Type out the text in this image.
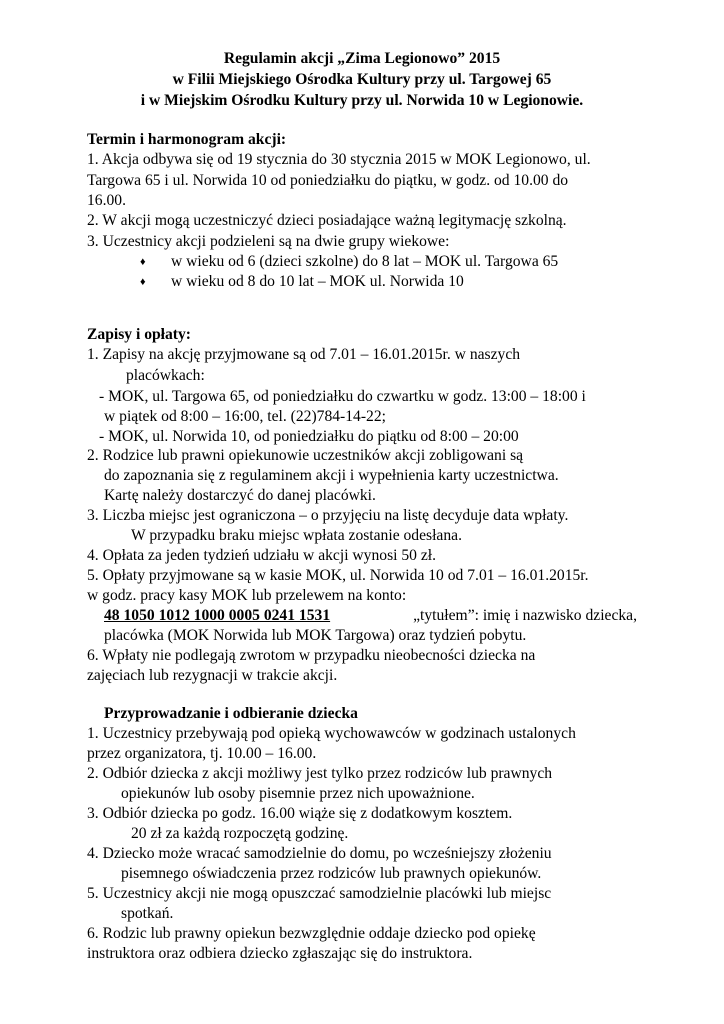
Regulamin akcji „Zima Legionowo” 2015
w Filii Miejskiego Ośrodka Kultury przy ul. Targowej 65
i w Miejskim Ośrodku Kultury przy ul. Norwida 10 w Legionowie.
Termin i harmonogram akcji:
1. Akcja odbywa się od 19 stycznia do 30 stycznia 2015 w MOK Legionowo, ul.
Targowa 65 i ul. Norwida 10 od poniedziałku do piątku, w godz. od 10.00 do
16.00.
2. W akcji mogą uczestniczyć dzieci posiadające ważną legitymację szkolną.
3. Uczestnicy akcji podzieleni są na dwie grupy wiekowe:
♦ w wieku od 6 (dzieci szkolne) do 8 lat – MOK ul. Targowa 65
♦ w wieku od 8 do 10 lat – MOK ul. Norwida 10
Zapisy i opłaty:
1. Zapisy na akcję przyjmowane są od 7.01 – 16.01.2015r. w naszych
placówkach:
- MOK, ul. Targowa 65, od poniedziałku do czwartku w godz. 13:00 – 18:00 i
w piątek od 8:00 – 16:00, tel. (22)784-14-22;
- MOK, ul. Norwida 10, od poniedziałku do piątku od 8:00 – 20:00
2. Rodzice lub prawni opiekunowie uczestników akcji zobligowani są
do zapoznania się z regulaminem akcji i wypełnienia karty uczestnictwa.
Kartę należy dostarczyć do danej placówki.
3. Liczba miejsc jest ograniczona – o przyjęciu na listę decyduje data wpłaty.
W przypadku braku miejsc wpłata zostanie odesłana.
4. Opłata za jeden tydzień udziału w akcji wynosi 50 zł.
5. Opłaty przyjmowane są w kasie MOK, ul. Norwida 10 od 7.01 – 16.01.2015r.
w godz. pracy kasy MOK lub przelewem na konto:
48 1050 1012 1000 0005 0241 1531	„tytułem”: imię i nazwisko dziecka,
placówka (MOK Norwida lub MOK Targowa) oraz tydzień pobytu.
6. Wpłaty nie podlegają zwrotom w przypadku nieobecności dziecka na
zajęciach lub rezygnacji w trakcie akcji.
Przyprowadzanie i odbieranie dziecka
1. Uczestnicy przebywają pod opieką wychowawców w godzinach ustalonych
przez organizatora, tj. 10.00 – 16.00.
2. Odbiór dziecka z akcji możliwy jest tylko przez rodziców lub prawnych
opiekunów lub osoby pisemnie przez nich upoważnione.
3. Odbiór dziecka po godz. 16.00 wiąże się z dodatkowym kosztem.
20 zł za każdą rozpoczętą godzinę.
4. Dziecko może wracać samodzielnie do domu, po wcześniejszy złożeniu
pisemnego oświadczenia przez rodziców lub prawnych opiekunów.
5. Uczestnicy akcji nie mogą opuszczać samodzielnie placówki lub miejsc
spotkań.
6. Rodzic lub prawny opiekun bezwzględnie oddaje dziecko pod opiekę
instruktora oraz odbiera dziecko zgłaszając się do instruktora.
